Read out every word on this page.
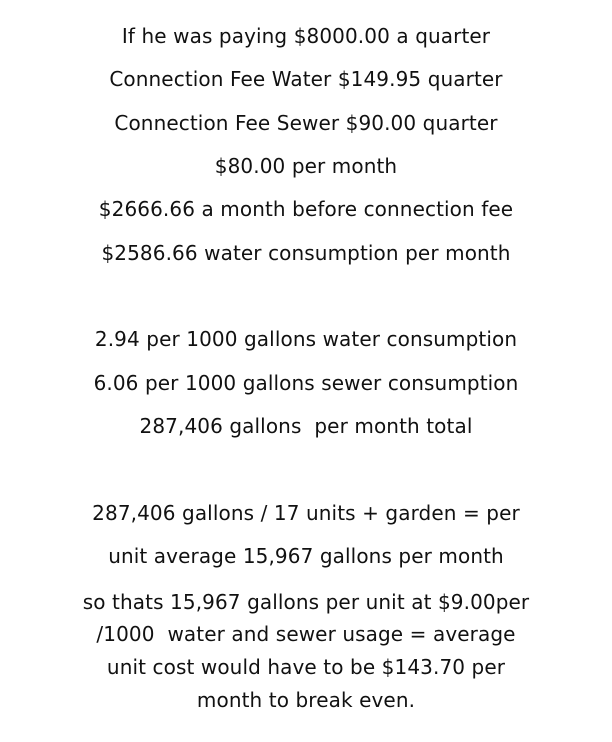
If he was paying $8000.00 a quarter
Connection Fee Water $149.95 quarter
Connection Fee Sewer $90.00 quarter
$80.00 per month
$2666.66 a month before connection fee
$2586.66 water consumption per month
2.94 per 1000 gallons water consumption
6.06 per 1000 gallons sewer consumption
287,406 gallons  per month total
287,406 gallons / 17 units + garden = per
unit average 15,967 gallons per month
so thats 15,967 gallons per unit at $9.00per
/1000  water and sewer usage = average
unit cost would have to be $143.70 per
month to break even.
